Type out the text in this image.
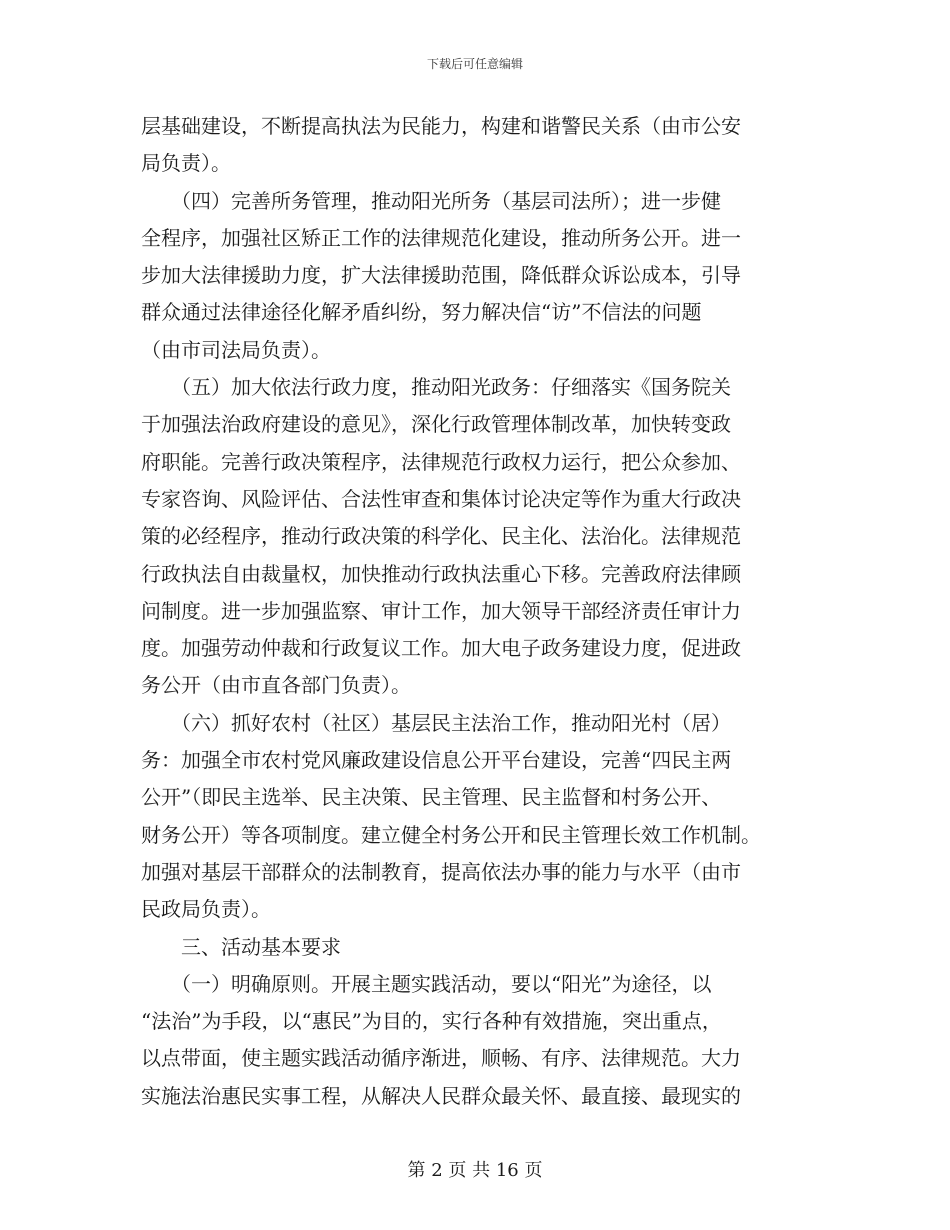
下载后可任意编辑
层基础建设，不断提高执法为民能力，构建和谐警民关系（由市公安
局负责）。
　　（四）完善所务管理，推动阳光所务（基层司法所）；进一步健
全程序，加强社区矫正工作的法律规范化建设，推动所务公开。进一
步加大法律援助力度，扩大法律援助范围，降低群众诉讼成本，引导
群众通过法律途径化解矛盾纠纷，努力解决信“访”不信法的问题
（由市司法局负责）。
　　（五）加大依法行政力度，推动阳光政务：仔细落实《国务院关
于加强法治政府建设的意见》，深化行政管理体制改革，加快转变政
府职能。完善行政决策程序，法律规范行政权力运行，把公众参加、
专家咨询、风险评估、合法性审查和集体讨论决定等作为重大行政决
策的必经程序，推动行政决策的科学化、民主化、法治化。法律规范
行政执法自由裁量权，加快推动行政执法重心下移。完善政府法律顾
问制度。进一步加强监察、审计工作，加大领导干部经济责任审计力
度。加强劳动仲裁和行政复议工作。加大电子政务建设力度，促进政
务公开（由市直各部门负责）。
　　（六）抓好农村（社区）基层民主法治工作，推动阳光村（居）
务：加强全市农村党风廉政建设信息公开平台建设，完善“四民主两
公开”（即民主选举、民主决策、民主管理、民主监督和村务公开、
财务公开）等各项制度。建立健全村务公开和民主管理长效工作机制。
加强对基层干部群众的法制教育，提高依法办事的能力与水平（由市
民政局负责）。
　　三、活动基本要求
　　（一）明确原则。开展主题实践活动，要以“阳光”为途径，以
“法治”为手段，以“惠民”为目的，实行各种有效措施，突出重点，
以点带面，使主题实践活动循序渐进，顺畅、有序、法律规范。大力
实施法治惠民实事工程，从解决人民群众最关怀、最直接、最现实的
第 2 页 共 16 页
